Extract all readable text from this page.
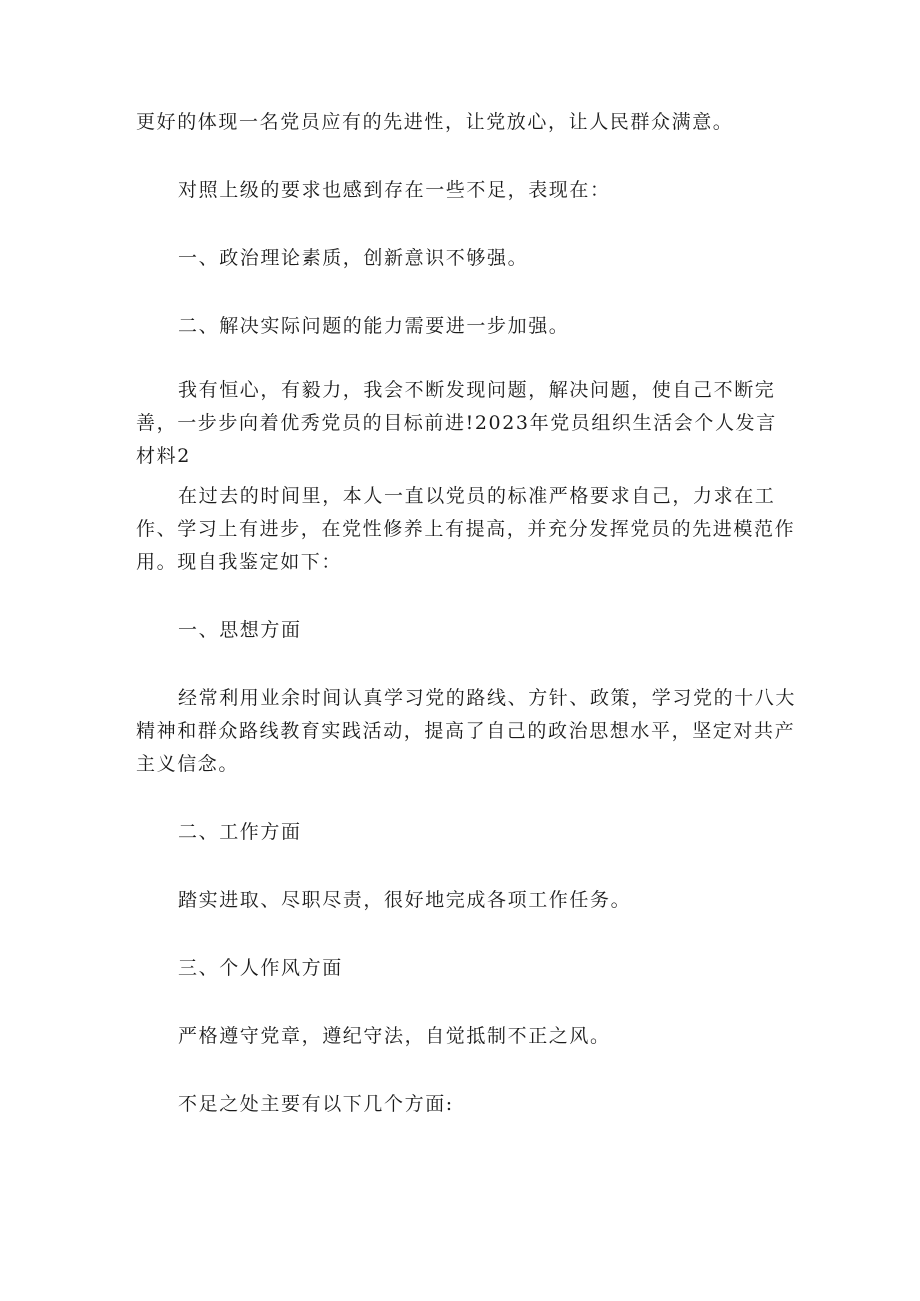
更好的体现一名党员应有的先进性，让党放心，让人民群众满意。

对照上级的要求也感到存在一些不足，表现在：

一、政治理论素质，创新意识不够强。

二、解决实际问题的能力需要进一步加强。

我有恒心，有毅力，我会不断发现问题，解决问题，使自己不断完善，一步步向着优秀党员的目标前进!2023年党员组织生活会个人发言材料2

在过去的时间里，本人一直以党员的标准严格要求自己，力求在工作、学习上有进步，在党性修养上有提高，并充分发挥党员的先进模范作用。现自我鉴定如下：

一、思想方面

经常利用业余时间认真学习党的路线、方针、政策，学习党的十八大精神和群众路线教育实践活动，提高了自己的政治思想水平，坚定对共产主义信念。

二、工作方面

踏实进取、尽职尽责，很好地完成各项工作任务。

三、个人作风方面

严格遵守党章，遵纪守法，自觉抵制不正之风。

不足之处主要有以下几个方面:
